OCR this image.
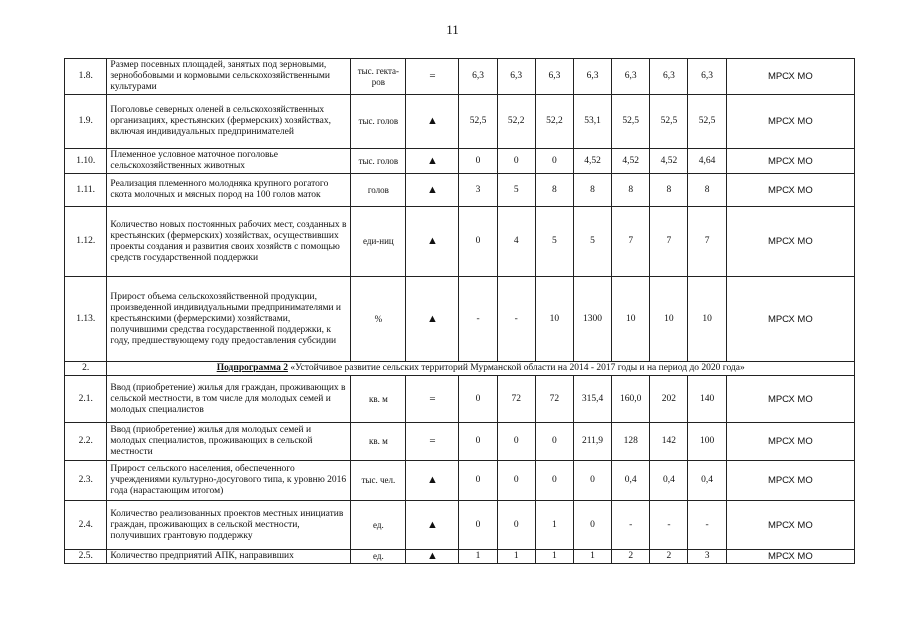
11
1.8.	Размер посевных площадей, занятых под зерновыми, зернобобовыми и кормовыми сельскохозяйственными культурами	тыс. гекта-ров	=	6,3	6,3	6,3	6,3	6,3	6,3	6,3	МРСХ МО
1.9.	Поголовье северных оленей в сельскохозяйственных организациях, крестьянских (фермерских) хозяйствах, включая индивидуальных предпринимателей	тыс. голов	▲	52,5	52,2	52,2	53,1	52,5	52,5	52,5	МРСХ МО
1.10.	Племенное условное маточное поголовье сельскохозяйственных животных	тыс. голов	▲	0	0	0	4,52	4,52	4,52	4,64	МРСХ МО
1.11.	Реализация племенного молодняка крупного рогатого скота молочных и мясных пород на 100 голов маток	голов	▲	3	5	8	8	8	8	8	МРСХ МО
1.12.	Количество новых постоянных рабочих мест, созданных в крестьянских (фермерских) хозяйствах, осуществивших проекты создания и развития своих хозяйств с помощью средств государственной поддержки	еди-ниц	▲	0	4	5	5	7	7	7	МРСХ МО
1.13.	Прирост объема сельскохозяйственной продукции, произведенной индивидуальными предпринимателями и крестьянскими (фермерскими) хозяйствами, получившими средства государственной поддержки, к году, предшествующему году предоставления субсидии	%	▲	-	-	10	1300	10	10	10	МРСХ МО
2.	Подпрограмма 2 «Устойчивое развитие сельских территорий Мурманской области на 2014 - 2017 годы и на период до 2020 года»										
2.1.	Ввод (приобретение) жилья для граждан, проживающих в сельской местности, в том числе для молодых семей и молодых специалистов	кв. м	=	0	72	72	315,4	160,0	202	140	МРСХ МО
2.2.	Ввод (приобретение) жилья для молодых семей и молодых специалистов, проживающих в сельской местности	кв. м	=	0	0	0	211,9	128	142	100	МРСХ МО
2.3.	Прирост сельского населения, обеспеченного учреждениями культурно-досугового типа, к уровню 2016 года (нарастающим итогом)	тыс. чел.	▲	0	0	0	0	0,4	0,4	0,4	МРСХ МО
2.4.	Количество реализованных проектов местных инициатив граждан, проживающих в сельской местности, получивших грантовую поддержку	ед.	▲	0	0	1	0	-	-	-	МРСХ МО
2.5.	Количество предприятий АПК, направивших	ед.	▲	1	1	1	1	2	2	3	МРСХ МО
